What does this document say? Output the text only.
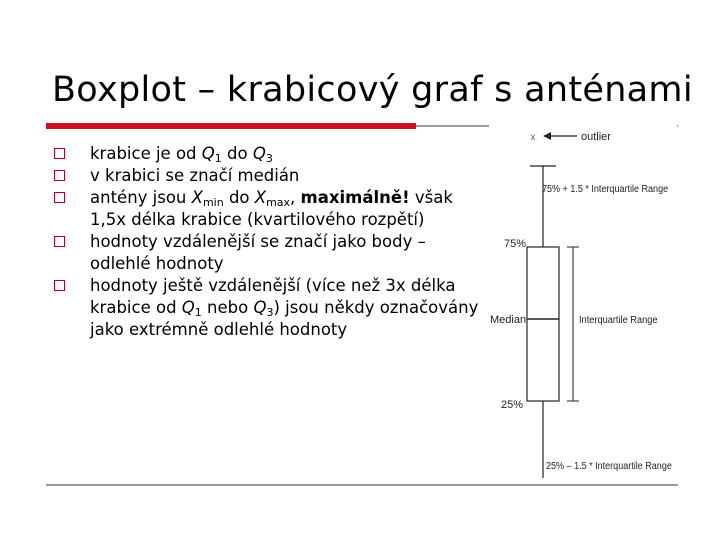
Boxplot – krabicový graf s anténami
krabice je od $Q_1$ do $Q_3$
v krabici se značí medián
antény jsou $X_{min}$ do $X_{max}$, maximálně! však 1,5x délka krabice (kvartilového rozpětí)
hodnoty vzdálenější se značí jako body – odlehlé hodnoty
hodnoty ještě vzdálenější (více než 3x délka krabice od $Q_1$ nebo $Q_3$) jsou někdy označovány jako extrémně odlehlé hodnoty
x	outlier
75% + 1.5 * Interquartile Range
75%
Median
25%
Interquartile Range
25% – 1.5 * Interquartile Range
